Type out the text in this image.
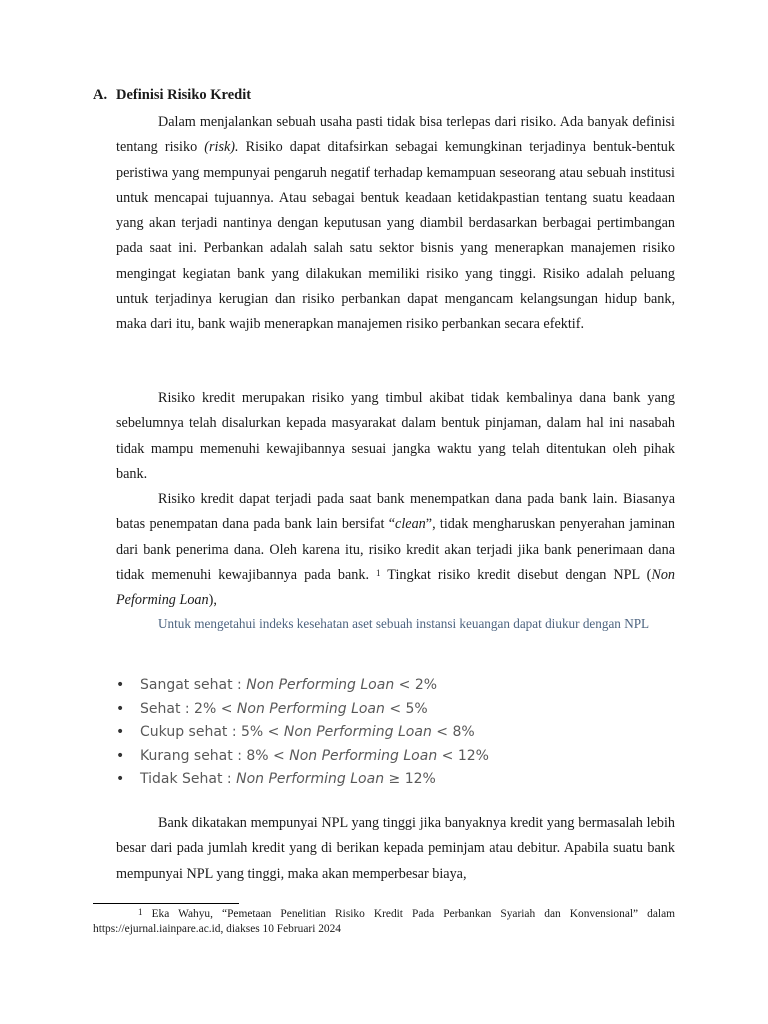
A. Definisi Risiko Kredit

Dalam menjalankan sebuah usaha pasti tidak bisa terlepas dari risiko. Ada banyak definisi tentang risiko (risk). Risiko dapat ditafsirkan sebagai kemungkinan terjadinya bentuk-bentuk peristiwa yang mempunyai pengaruh negatif terhadap kemampuan seseorang atau sebuah institusi untuk mencapai tujuannya. Atau sebagai bentuk keadaan ketidakpastian tentang suatu keadaan yang akan terjadi nantinya dengan keputusan yang diambil berdasarkan berbagai pertimbangan pada saat ini. Perbankan adalah salah satu sektor bisnis yang menerapkan manajemen risiko mengingat kegiatan bank yang dilakukan memiliki risiko yang tinggi. Risiko adalah peluang untuk terjadinya kerugian dan risiko perbankan dapat mengancam kelangsungan hidup bank, maka dari itu, bank wajib menerapkan manajemen risiko perbankan secara efektif.

Risiko kredit merupakan risiko yang timbul akibat tidak kembalinya dana bank yang sebelumnya telah disalurkan kepada masyarakat dalam bentuk pinjaman, dalam hal ini nasabah tidak mampu memenuhi kewajibannya sesuai jangka waktu yang telah ditentukan oleh pihak bank.

Risiko kredit dapat terjadi pada saat bank menempatkan dana pada bank lain. Biasanya batas penempatan dana pada bank lain bersifat “clean”, tidak mengharuskan penyerahan jaminan dari bank penerima dana. Oleh karena itu, risiko kredit akan terjadi jika bank penerimaan dana tidak memenuhi kewajibannya pada bank. $^1$ Tingkat risiko kredit disebut dengan NPL (Non Peforming Loan),

Untuk mengetahui indeks kesehatan aset sebuah instansi keuangan dapat diukur dengan NPL

• Sangat sehat : Non Performing Loan < 2%
• Sehat : 2% < Non Performing Loan < 5%
• Cukup sehat : 5% < Non Performing Loan < 8%
• Kurang sehat : 8% < Non Performing Loan < 12%
• Tidak Sehat : Non Performing Loan ≥ 12%

Bank dikatakan mempunyai NPL yang tinggi jika banyaknya kredit yang bermasalah lebih besar dari pada jumlah kredit yang di berikan kepada peminjam atau debitur. Apabila suatu bank mempunyai NPL yang tinggi, maka akan memperbesar biaya,

$^1$ Eka Wahyu, “Pemetaan Penelitian Risiko Kredit Pada Perbankan Syariah dan Konvensional” dalam https://ejurnal.iainpare.ac.id, diakses 10 Februari 2024
